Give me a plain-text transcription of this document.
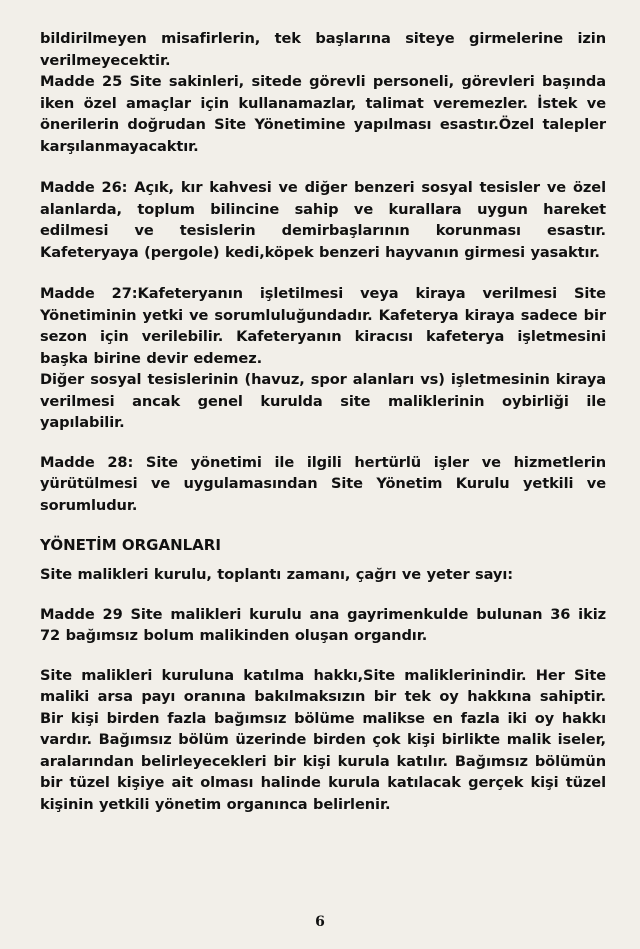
bildirilmeyen misafirlerin, tek başlarına siteye girmelerine izin verilmeyecektir.

Madde 25 Site sakinleri, sitede görevli personeli, görevleri başında iken özel amaçlar için kullanamazlar, talimat veremezler. İstek ve önerilerin doğrudan Site Yönetimine yapılması esastır.Özel talepler karşılanmayacaktır.

Madde 26: Açık, kır kahvesi ve diğer benzeri sosyal tesisler ve özel alanlarda, toplum bilincine sahip ve kurallara uygun hareket edilmesi ve tesislerin demirbaşlarının korunması esastır. Kafeteryaya (pergole) kedi,köpek benzeri hayvanın girmesi yasaktır.

Madde 27:Kafeteryanın işletilmesi veya kiraya verilmesi Site Yönetiminin yetki ve sorumluluğundadır. Kafeterya kiraya sadece bir sezon için verilebilir. Kafeteryanın kiracısı kafeterya işletmesini başka birine devir edemez.

Diğer sosyal tesislerinin (havuz, spor alanları vs) işletmesinin kiraya verilmesi ancak genel kurulda site maliklerinin oybirliği ile yapılabilir.

Madde 28: Site yönetimi ile ilgili hertürlü işler ve hizmetlerin yürütülmesi ve uygulamasından Site Yönetim Kurulu yetkili ve sorumludur.

YÖNETİM ORGANLARI

Site malikleri kurulu, toplantı zamanı, çağrı ve yeter sayı:

Madde 29 Site malikleri kurulu ana gayrimenkulde bulunan 36 ikiz 72 bağımsız bolum malikinden oluşan organdır.

Site malikleri kuruluna katılma hakkı,Site maliklerinindir. Her Site maliki arsa payı oranına bakılmaksızın bir tek oy hakkına sahiptir. Bir kişi birden fazla bağımsız bölüme malikse en fazla iki oy hakkı vardır. Bağımsız bölüm üzerinde birden çok kişi birlikte malik iseler, aralarından belirleyecekleri bir kişi kurula katılır. Bağımsız bölümün bir tüzel kişiye ait olması halinde kurula katılacak gerçek kişi tüzel kişinin yetkili yönetim organınca belirlenir.

6
